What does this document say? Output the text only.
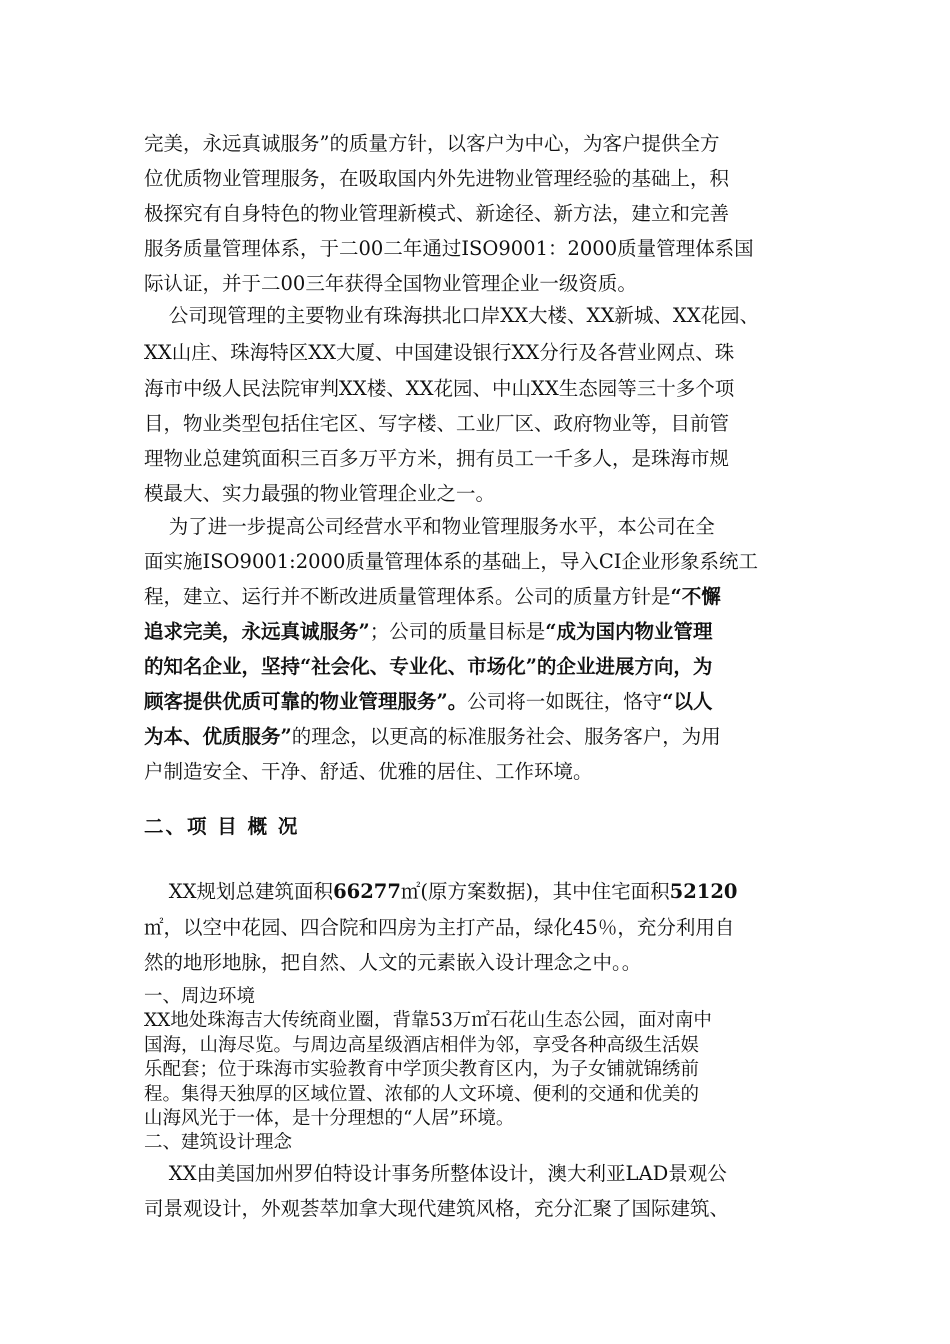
完美，永远真诚服务”的质量方针，以客户为中心，为客户提供全方
位优质物业管理服务，在吸取国内外先进物业管理经验的基础上，积
极探究有自身特色的物业管理新模式、新途径、新方法，建立和完善
服务质量管理体系，于二00二年通过ISO9001：2000质量管理体系国
际认证，并于二00三年获得全国物业管理企业一级资质。
公司现管理的主要物业有珠海拱北口岸XX大楼、XX新城、XX花园、
XX山庄、珠海特区XX大厦、中国建设银行XX分行及各营业网点、珠
海市中级人民法院审判XX楼、XX花园、中山XX生态园等三十多个项
目，物业类型包括住宅区、写字楼、工业厂区、政府物业等，目前管
理物业总建筑面积三百多万平方米，拥有员工一千多人，是珠海市规
模最大、实力最强的物业管理企业之一。
为了进一步提高公司经营水平和物业管理服务水平，本公司在全
面实施ISO9001:2000质量管理体系的基础上，导入CI企业形象系统工
程，建立、运行并不断改进质量管理体系。公司的质量方针是“不懈
追求完美，永远真诚服务”；公司的质量目标是“成为国内物业管理
的知名企业，坚持“社会化、专业化、市场化”的企业进展方向，为
顾客提供优质可靠的物业管理服务”。公司将一如既往，恪守“以人
为本、优质服务”的理念，以更高的标准服务社会、服务客户，为用
户制造安全、干净、舒适、优雅的居住、工作环境。
二、项 目 概 况
XX规划总建筑面积66277㎡(原方案数据)，其中住宅面积52120
㎡，以空中花园、四合院和四房为主打产品，绿化45％，充分利用自
然的地形地脉，把自然、人文的元素嵌入设计理念之中。。
一、周边环境
XX地处珠海吉大传统商业圈，背靠53万㎡石花山生态公园，面对南中
国海，山海尽览。与周边高星级酒店相伴为邻，享受各种高级生活娱
乐配套；位于珠海市实验教育中学顶尖教育区内，为子女铺就锦绣前
程。集得天独厚的区域位置、浓郁的人文环境、便利的交通和优美的
山海风光于一体，是十分理想的“人居”环境。
二、建筑设计理念
XX由美国加州罗伯特设计事务所整体设计，澳大利亚LAD景观公
司景观设计，外观荟萃加拿大现代建筑风格，充分汇聚了国际建筑、
